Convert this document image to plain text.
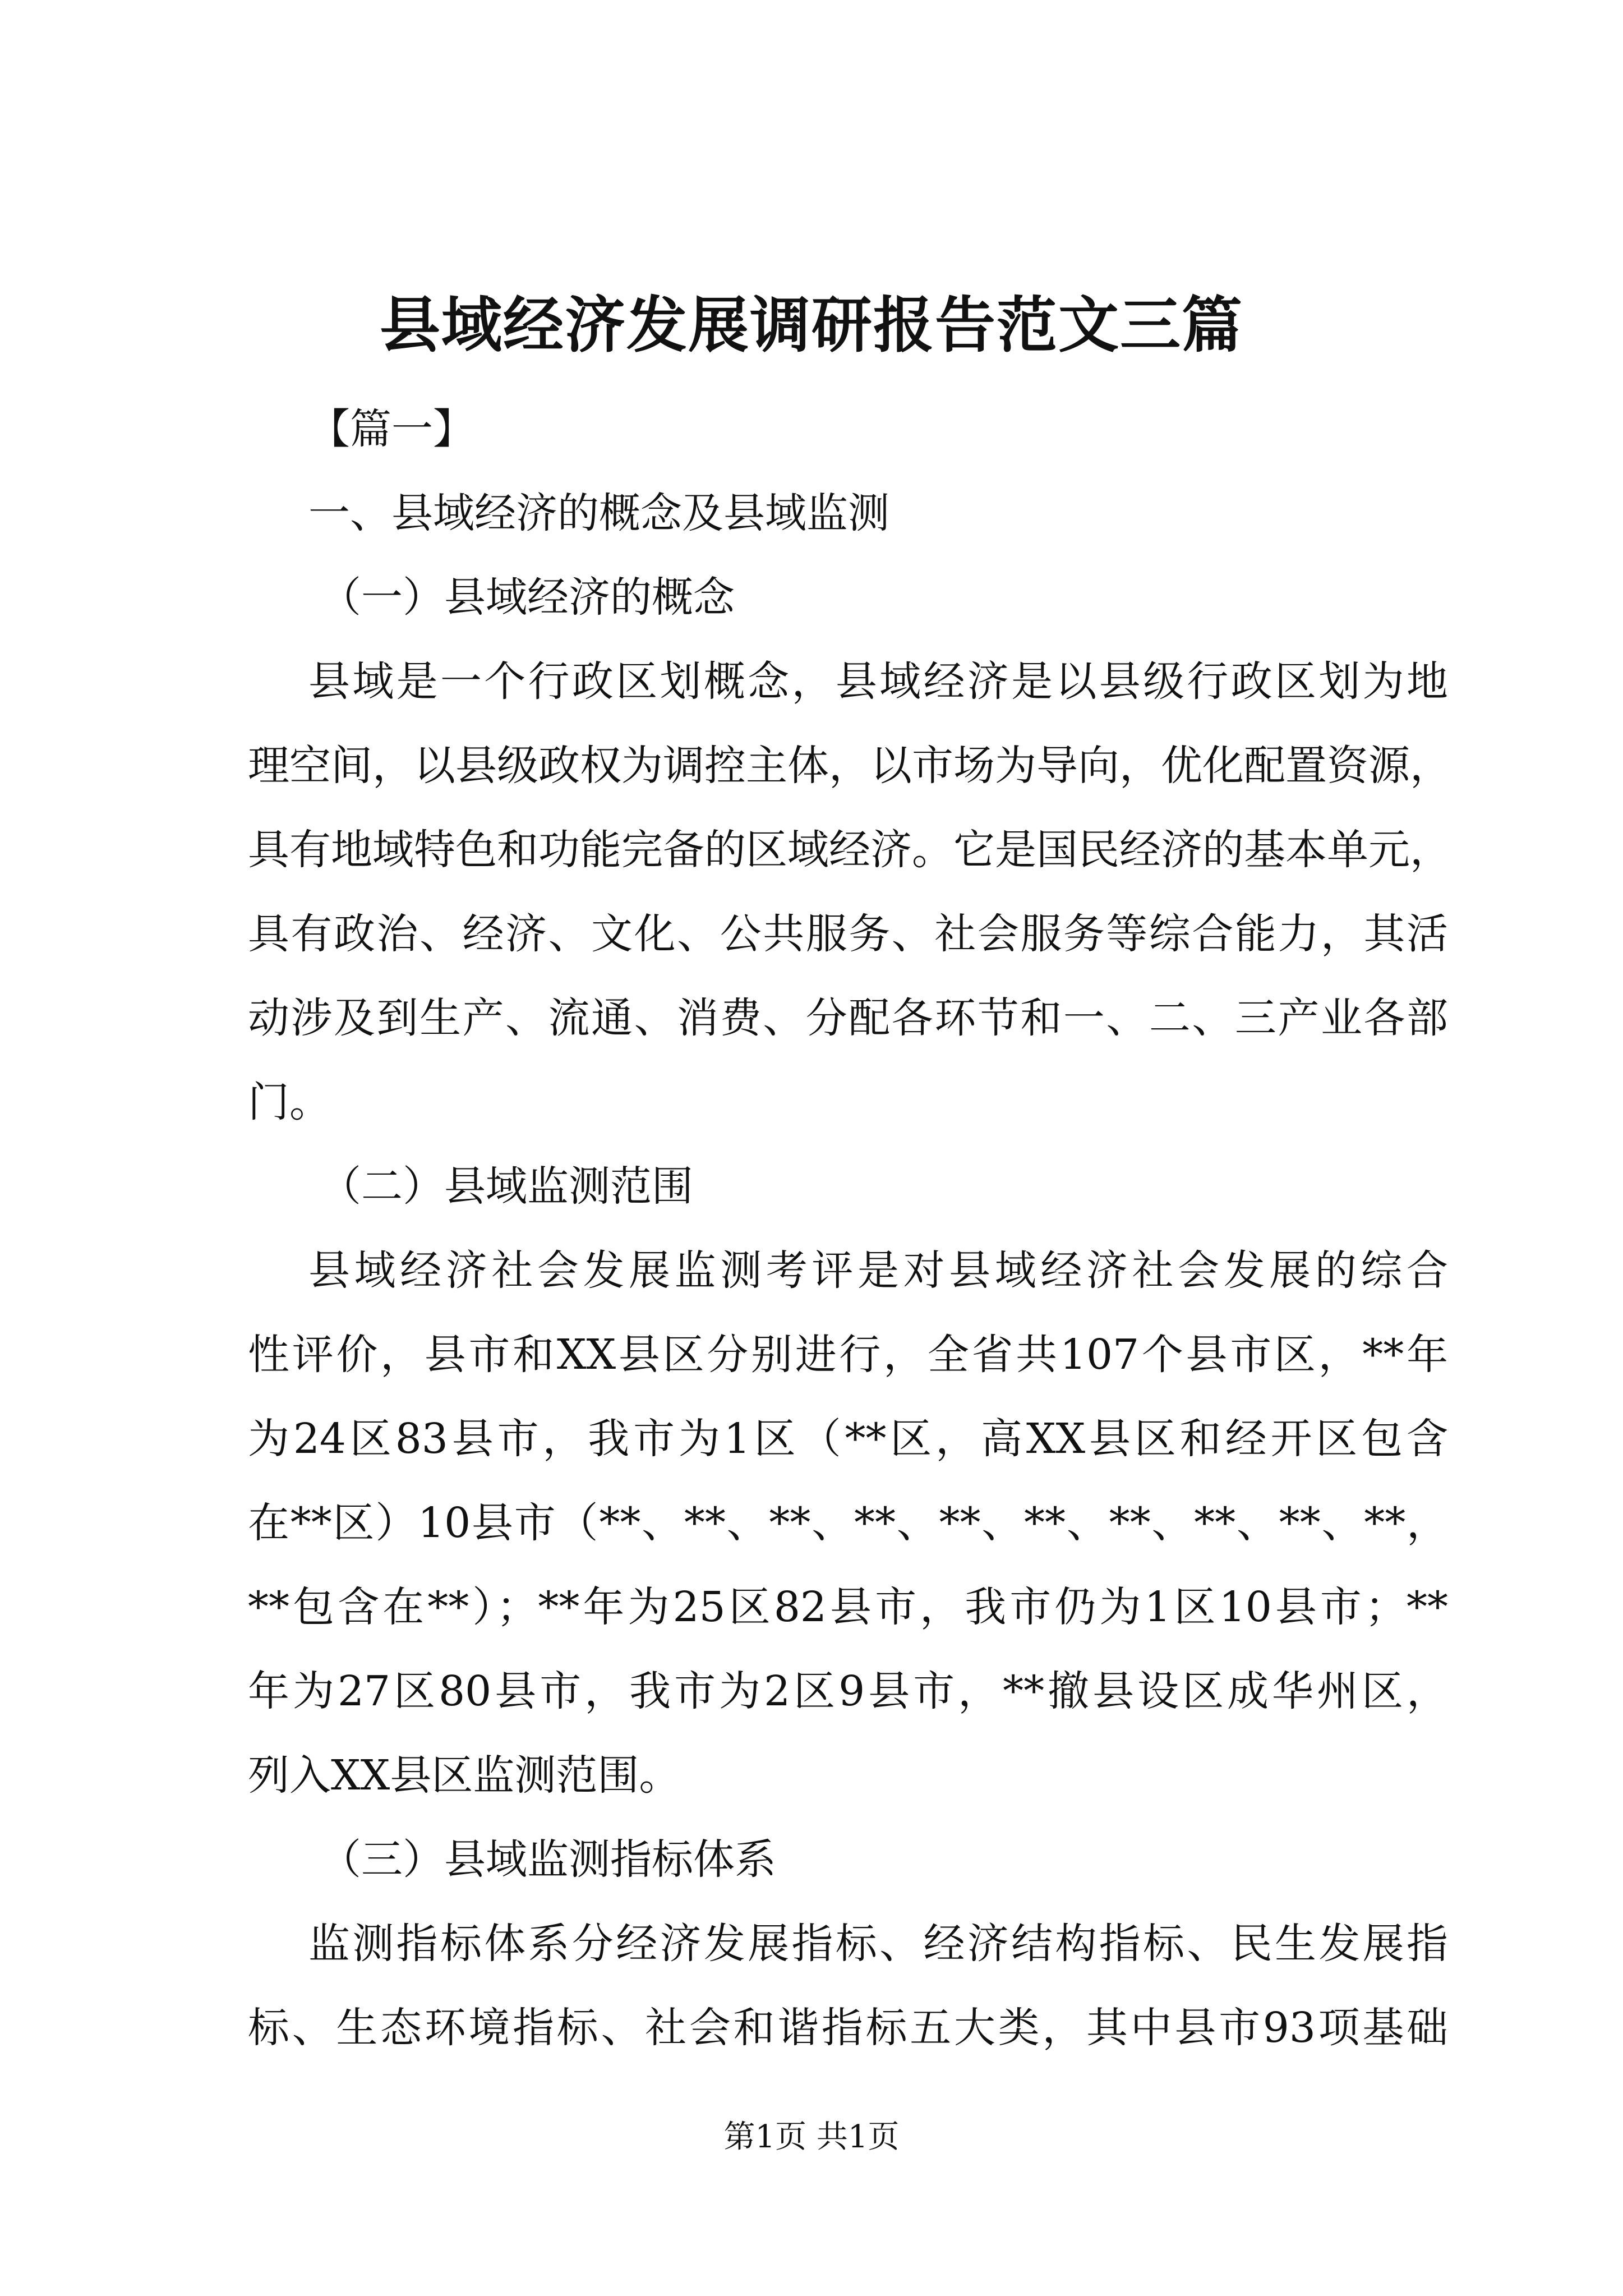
县域经济发展调研报告范文三篇
【篇一】
一、县域经济的概念及县域监测
（一）县域经济的概念
县域是一个行政区划概念，县域经济是以县级行政区划为地
理空间，以县级政权为调控主体，以市场为导向，优化配置资源，
具有地域特色和功能完备的区域经济。它是国民经济的基本单元，
具有政治、经济、文化、公共服务、社会服务等综合能力，其活
动涉及到生产、流通、消费、分配各环节和一、二、三产业各部
门。
（二）县域监测范围
县域经济社会发展监测考评是对县域经济社会发展的综合
性评价，县市和XX县区分别进行，全省共107个县市区，**年
为24区83县市，我市为1区（**区，高XX县区和经开区包含
在**区）10县市（**、**、**、**、**、**、**、**、**、**，
**包含在**）；**年为25区82县市，我市仍为1区10县市；**
年为27区80县市，我市为2区9县市，**撤县设区成华州区，
列入XX县区监测范围。
（三）县域监测指标体系
监测指标体系分经济发展指标、经济结构指标、民生发展指
标、生态环境指标、社会和谐指标五大类，其中县市93项基础
第1页 共1页
